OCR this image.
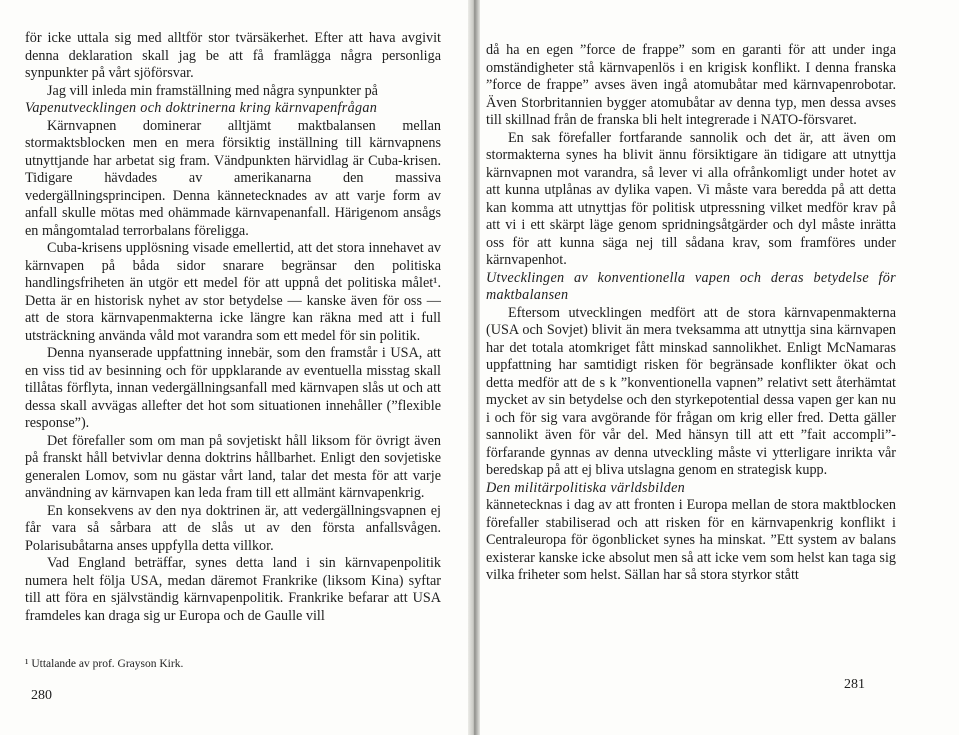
för icke uttala sig med alltför stor tvärsäkerhet. Efter att hava avgivit denna deklaration skall jag be att få framlägga några personliga synpunkter på vårt sjöförsvar.

Jag vill inleda min framställning med några synpunkter på

Vapenutvecklingen och doktrinerna kring kärnvapenfrågan

Kärnvapnen dominerar alltjämt maktbalansen mellan stormaktsblocken men en mera försiktig inställning till kärnvapnens utnyttjande har arbetat sig fram. Vändpunkten härvidlag är Cuba-krisen. Tidigare hävdades av amerikanarna den massiva vedergällningsprincipen. Denna kännetecknades av att varje form av anfall skulle mötas med ohämmade kärnvapenanfall. Härigenom ansågs en mångomtalad terrorbalans föreligga.

Cuba-krisens upplösning visade emellertid, att det stora innehavet av kärnvapen på båda sidor snarare begränsar den politiska handlingsfriheten än utgör ett medel för att uppnå det politiska målet¹. Detta är en historisk nyhet av stor betydelse — kanske även för oss — att de stora kärnvapenmakterna icke längre kan räkna med att i full utsträckning använda våld mot varandra som ett medel för sin politik.

Denna nyanserade uppfattning innebär, som den framstår i USA, att en viss tid av besinning och för uppklarande av eventuella misstag skall tillåtas förflyta, innan vedergällningsanfall med kärnvapen slås ut och att dessa skall avvägas allefter det hot som situationen innehåller (”flexible response”).

Det förefaller som om man på sovjetiskt håll liksom för övrigt även på franskt håll betvivlar denna doktrins hållbarhet. Enligt den sovjetiske generalen Lomov, som nu gästar vårt land, talar det mesta för att varje användning av kärnvapen kan leda fram till ett allmänt kärnvapenkrig.

En konsekvens av den nya doktrinen är, att vedergällningsvapnen ej får vara så sårbara att de slås ut av den första anfallsvågen. Polarisubåtarna anses uppfylla detta villkor.

Vad England beträffar, synes detta land i sin kärnvapenpolitik numera helt följa USA, medan däremot Frankrike (liksom Kina) syftar till att föra en självständig kärnvapenpolitik. Frankrike befarar att USA framdeles kan draga sig ur Europa och de Gaulle vill

¹ Uttalande av prof. Grayson Kirk.
280

då ha en egen ”force de frappe” som en garanti för att under inga omständigheter stå kärnvapenlös i en krigisk konflikt. I denna franska ”force de frappe” avses även ingå atomubåtar med kärnvapenrobotar. Även Storbritannien bygger atomubåtar av denna typ, men dessa avses till skillnad från de franska bli helt integrerade i NATO-försvaret.

En sak förefaller fortfarande sannolik och det är, att även om stormakterna synes ha blivit ännu försiktigare än tidigare att utnyttja kärnvapnen mot varandra, så lever vi alla ofrånkomligt under hotet av att kunna utplånas av dylika vapen. Vi måste vara beredda på att detta kan komma att utnyttjas för politisk utpressning vilket medför krav på att vi i ett skärpt läge genom spridningsåtgärder och dyl måste inrätta oss för att kunna säga nej till sådana krav, som framföres under kärnvapenhot.

Utvecklingen av konventionella vapen och deras betydelse för maktbalansen

Eftersom utvecklingen medfört att de stora kärnvapenmakterna (USA och Sovjet) blivit än mera tveksamma att utnyttja sina kärnvapen har det totala atomkriget fått minskad sannolikhet. Enligt McNamaras uppfattning har samtidigt risken för begränsade konflikter ökat och detta medför att de s k ”konventionella vapnen” relativt sett återhämtat mycket av sin betydelse och den styrkepotential dessa vapen ger kan nu i och för sig vara avgörande för frågan om krig eller fred. Detta gäller sannolikt även för vår del. Med hänsyn till att ett ”fait accompli”-förfarande gynnas av denna utveckling måste vi ytterligare inrikta vår beredskap på att ej bliva utslagna genom en strategisk kupp.

Den militärpolitiska världsbilden

kännetecknas i dag av att fronten i Europa mellan de stora maktblocken förefaller stabiliserad och att risken för en kärnvapenkrig konflikt i Centraleuropa för ögonblicket synes ha minskat. ”Ett system av balans existerar kanske icke absolut men så att icke vem som helst kan taga sig vilka friheter som helst. Sällan har så stora styrkor stått

281
